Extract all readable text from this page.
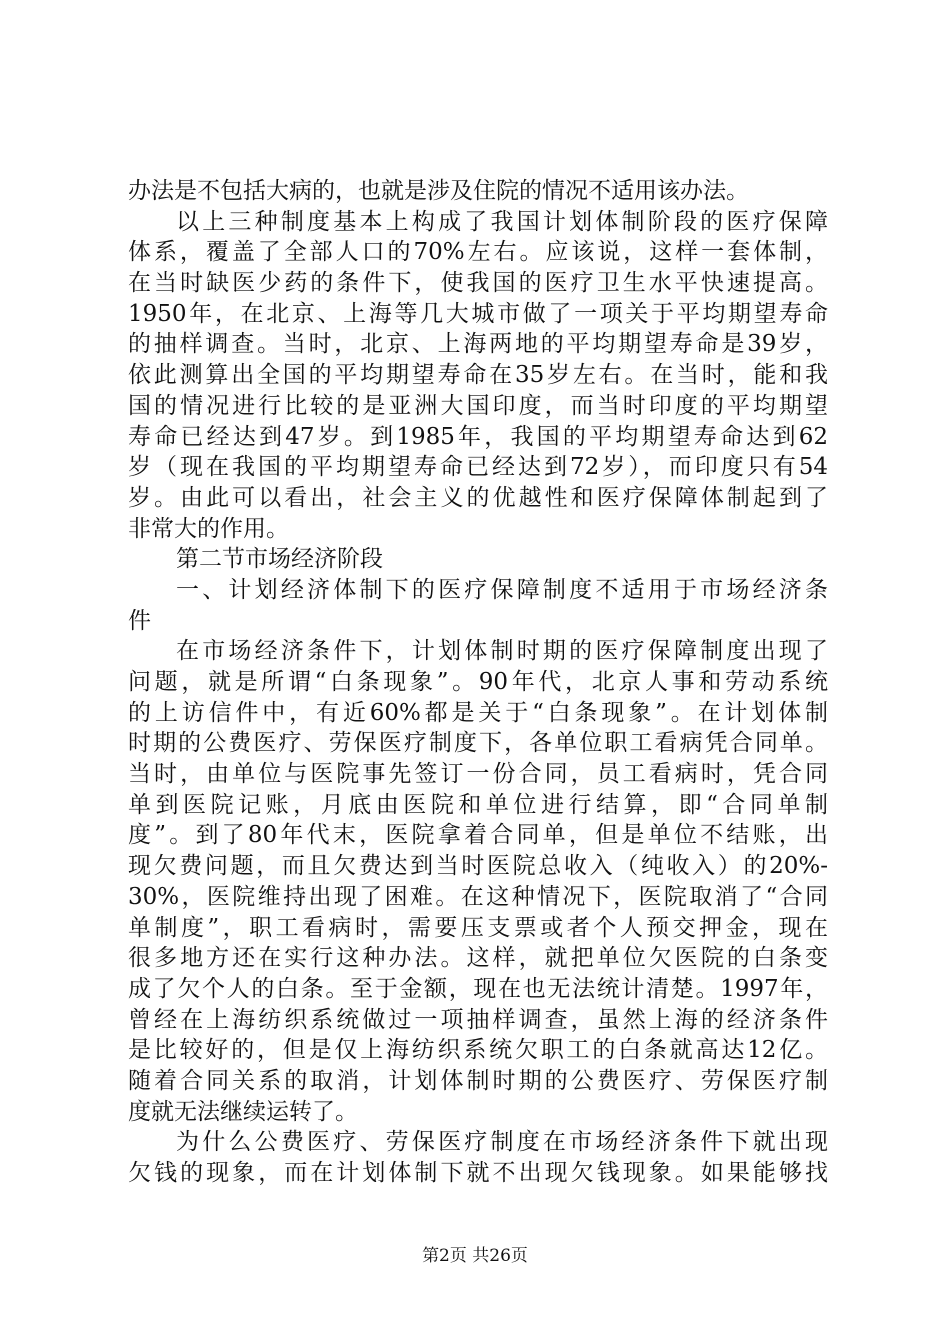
办法是不包括大病的，也就是涉及住院的情况不适用该办法。
以上三种制度基本上构成了我国计划体制阶段的医疗保障
体系，覆盖了全部人口的70%左右。应该说，这样一套体制，
在当时缺医少药的条件下，使我国的医疗卫生水平快速提高。
1950年，在北京、上海等几大城市做了一项关于平均期望寿命
的抽样调查。当时，北京、上海两地的平均期望寿命是39岁，
依此测算出全国的平均期望寿命在35岁左右。在当时，能和我
国的情况进行比较的是亚洲大国印度，而当时印度的平均期望
寿命已经达到47岁。到1985年，我国的平均期望寿命达到62
岁（现在我国的平均期望寿命已经达到72岁），而印度只有54
岁。由此可以看出，社会主义的优越性和医疗保障体制起到了
非常大的作用。
第二节市场经济阶段
一、计划经济体制下的医疗保障制度不适用于市场经济条
件
在市场经济条件下，计划体制时期的医疗保障制度出现了
问题，就是所谓“白条现象”。90年代，北京人事和劳动系统
的上访信件中，有近60%都是关于“白条现象”。在计划体制
时期的公费医疗、劳保医疗制度下，各单位职工看病凭合同单。
当时，由单位与医院事先签订一份合同，员工看病时，凭合同
单到医院记账，月底由医院和单位进行结算，即“合同单制
度”。到了80年代末，医院拿着合同单，但是单位不结账，出
现欠费问题，而且欠费达到当时医院总收入（纯收入）的20%-
30%，医院维持出现了困难。在这种情况下，医院取消了“合同
单制度”，职工看病时，需要压支票或者个人预交押金，现在
很多地方还在实行这种办法。这样，就把单位欠医院的白条变
成了欠个人的白条。至于金额，现在也无法统计清楚。1997年，
曾经在上海纺织系统做过一项抽样调查，虽然上海的经济条件
是比较好的，但是仅上海纺织系统欠职工的白条就高达12亿。
随着合同关系的取消，计划体制时期的公费医疗、劳保医疗制
度就无法继续运转了。
为什么公费医疗、劳保医疗制度在市场经济条件下就出现
欠钱的现象，而在计划体制下就不出现欠钱现象。如果能够找
第2页 共26页
